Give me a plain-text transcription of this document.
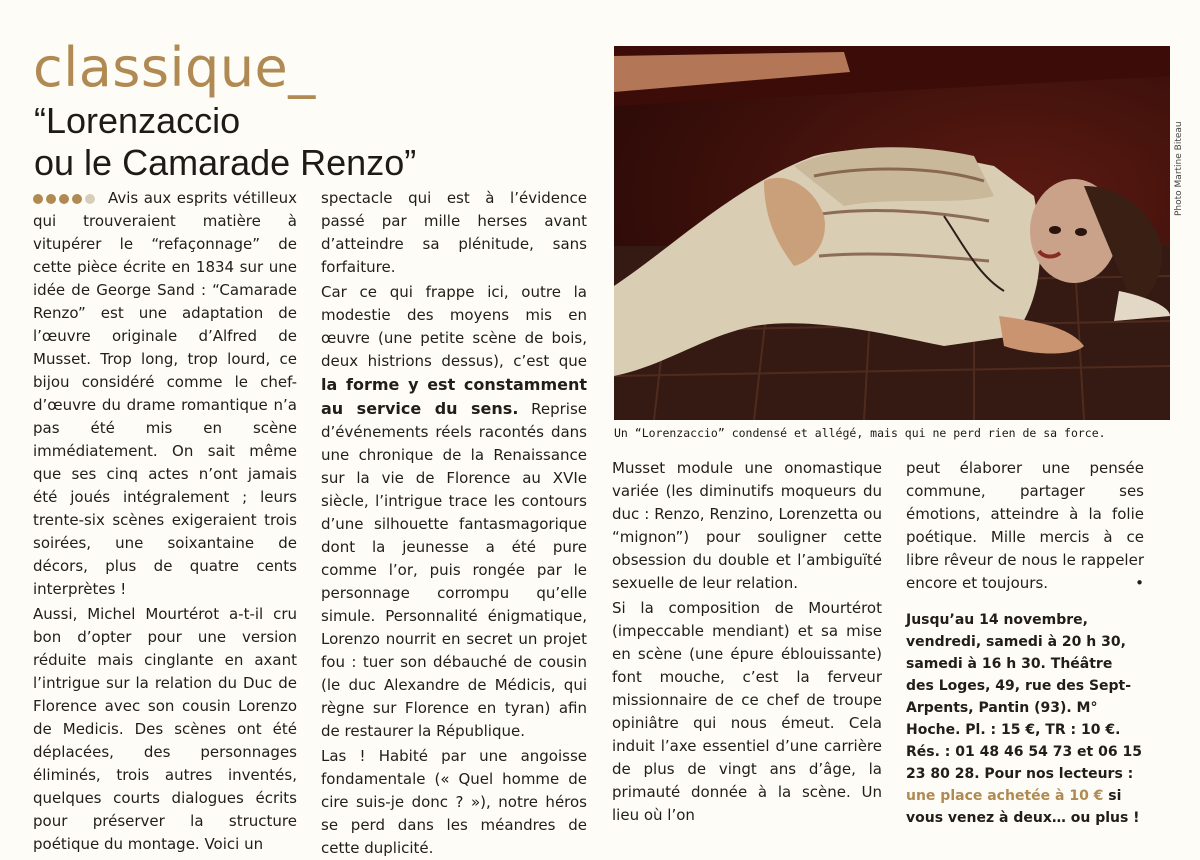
classique_
“Lorenzaccio
ou le Camarade Renzo”

Avis aux esprits vétilleux qui trouveraient matière à vitupérer le “refaçonnage” de cette pièce écrite en 1834 sur une idée de George Sand : “Camarade Renzo” est une adaptation de l’œuvre originale d’Alfred de Musset. Trop long, trop lourd, ce bijou considéré comme le chef-d’œuvre du drame romantique n’a pas été mis en scène immédiatement. On sait même que ses cinq actes n’ont jamais été joués intégralement ; leurs trente-six scènes exigeraient trois soirées, une soixantaine de décors, plus de quatre cents interprètes !

Aussi, Michel Mourtérot a-t-il cru bon d’opter pour une version réduite mais cinglante en axant l’intrigue sur la relation du Duc de Florence avec son cousin Lorenzo de Medicis. Des scènes ont été déplacées, des personnages éliminés, trois autres inventés, quelques courts dialogues écrits pour préserver la structure poétique du montage. Voici un

spectacle qui est à l’évidence passé par mille herses avant d’atteindre sa plénitude, sans forfaiture.

Car ce qui frappe ici, outre la modestie des moyens mis en œuvre (une petite scène de bois, deux histrions dessus), c’est que la forme y est constamment au service du sens. Reprise d’événements réels racontés dans une chronique de la Renaissance sur la vie de Florence au XVIe siècle, l’intrigue trace les contours d’une silhouette fantasmagorique dont la jeunesse a été pure comme l’or, puis rongée par le personnage corrompu qu’elle simule. Personnalité énigmatique, Lorenzo nourrit en secret un projet fou : tuer son débauché de cousin (le duc Alexandre de Médicis, qui règne sur Florence en tyran) afin de restaurer la République.

Las ! Habité par une angoisse fondamentale (« Quel homme de cire suis-je donc ? »), notre héros se perd dans les méandres de cette duplicité.

Photo Martine Biteau
Un “Lorenzaccio” condensé et allégé, mais qui ne perd rien de sa force.

Musset module une onomastique variée (les diminutifs moqueurs du duc : Renzo, Renzino, Lorenzetta ou “mignon”) pour souligner cette obsession du double et l’ambiguïté sexuelle de leur relation.

Si la composition de Mourtérot (impeccable mendiant) et sa mise en scène (une épure éblouissante) font mouche, c’est la ferveur missionnaire de ce chef de troupe opiniâtre qui nous émeut. Cela induit l’axe essentiel d’une carrière de plus de vingt ans d’âge, la primauté donnée à la scène. Un lieu où l’on

peut élaborer une pensée commune, partager ses émotions, atteindre à la folie poétique. Mille mercis à ce libre rêveur de nous le rappeler encore et toujours.	•

Jusqu’au 14 novembre, vendredi, samedi à 20 h 30, samedi à 16 h 30. Théâtre des Loges, 49, rue des Sept-Arpents, Pantin (93). M° Hoche. Pl. : 15 €, TR : 10 €. Rés. : 01 48 46 54 73 et 06 15 23 80 28. Pour nos lecteurs : une place achetée à 10 € si vous venez à deux… ou plus !
